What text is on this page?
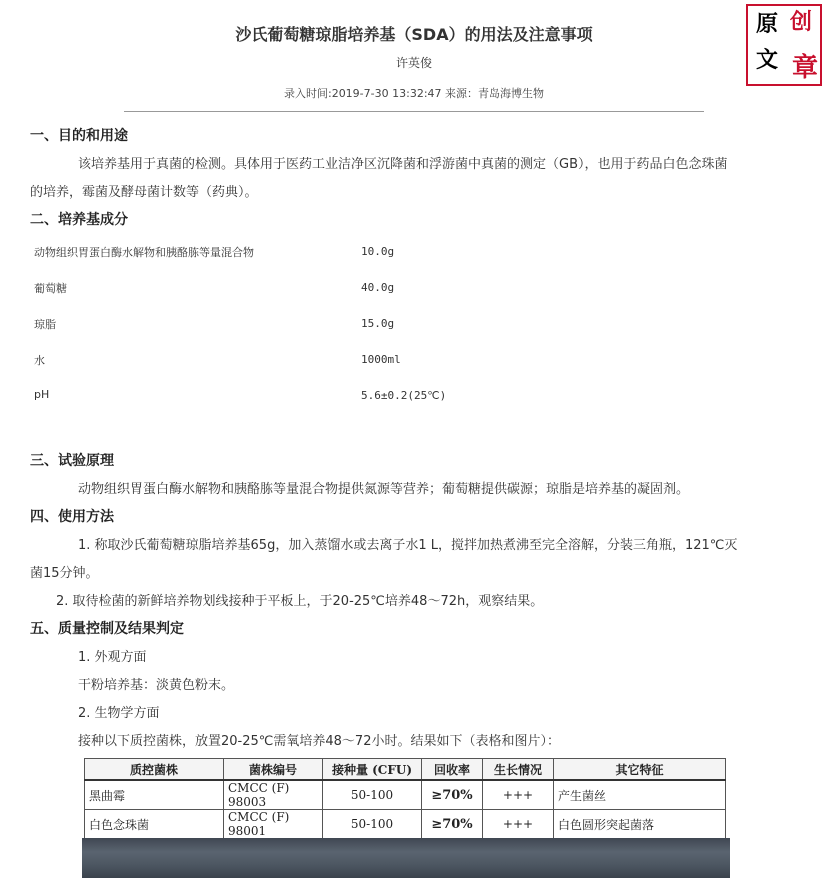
沙氏葡萄糖琼脂培养基（SDA）的用法及注意事项
许英俊
录入时间:2019-7-30 13:32:47 来源：青岛海博生物
原 创
文 章
一、目的和用途
该培养基用于真菌的检测。具体用于医药工业洁净区沉降菌和浮游菌中真菌的测定（GB），也用于药品白色念珠菌
的培养，霉菌及酵母菌计数等（药典）。
二、培养基成分
动物组织胃蛋白酶水解物和胰酪胨等量混合物	10.0g
葡萄糖	40.0g
琼脂	15.0g
水	1000ml
pH	5.6±0.2(25℃)
三、试验原理
动物组织胃蛋白酶水解物和胰酪胨等量混合物提供氮源等营养；葡萄糖提供碳源；琼脂是培养基的凝固剂。
四、使用方法
1. 称取沙氏葡萄糖琼脂培养基65g，加入蒸馏水或去离子水1 L，搅拌加热煮沸至完全溶解，分装三角瓶，121℃灭
菌15分钟。
2. 取待检菌的新鲜培养物划线接种于平板上，于20-25℃培养48～72h，观察结果。
五、质量控制及结果判定
1. 外观方面
干粉培养基：淡黄色粉末。
2. 生物学方面
接种以下质控菌株，放置20-25℃需氧培养48～72小时。结果如下（表格和图片）：
质控菌株	菌株编号	接种量 (CFU)	回收率	生长情况	其它特征
黑曲霉	CMCC (F) 98003	50-100	≥70%	+++	产生菌丝
白色念珠菌	CMCC (F) 98001	50-100	≥70%	+++	白色圆形突起菌落
